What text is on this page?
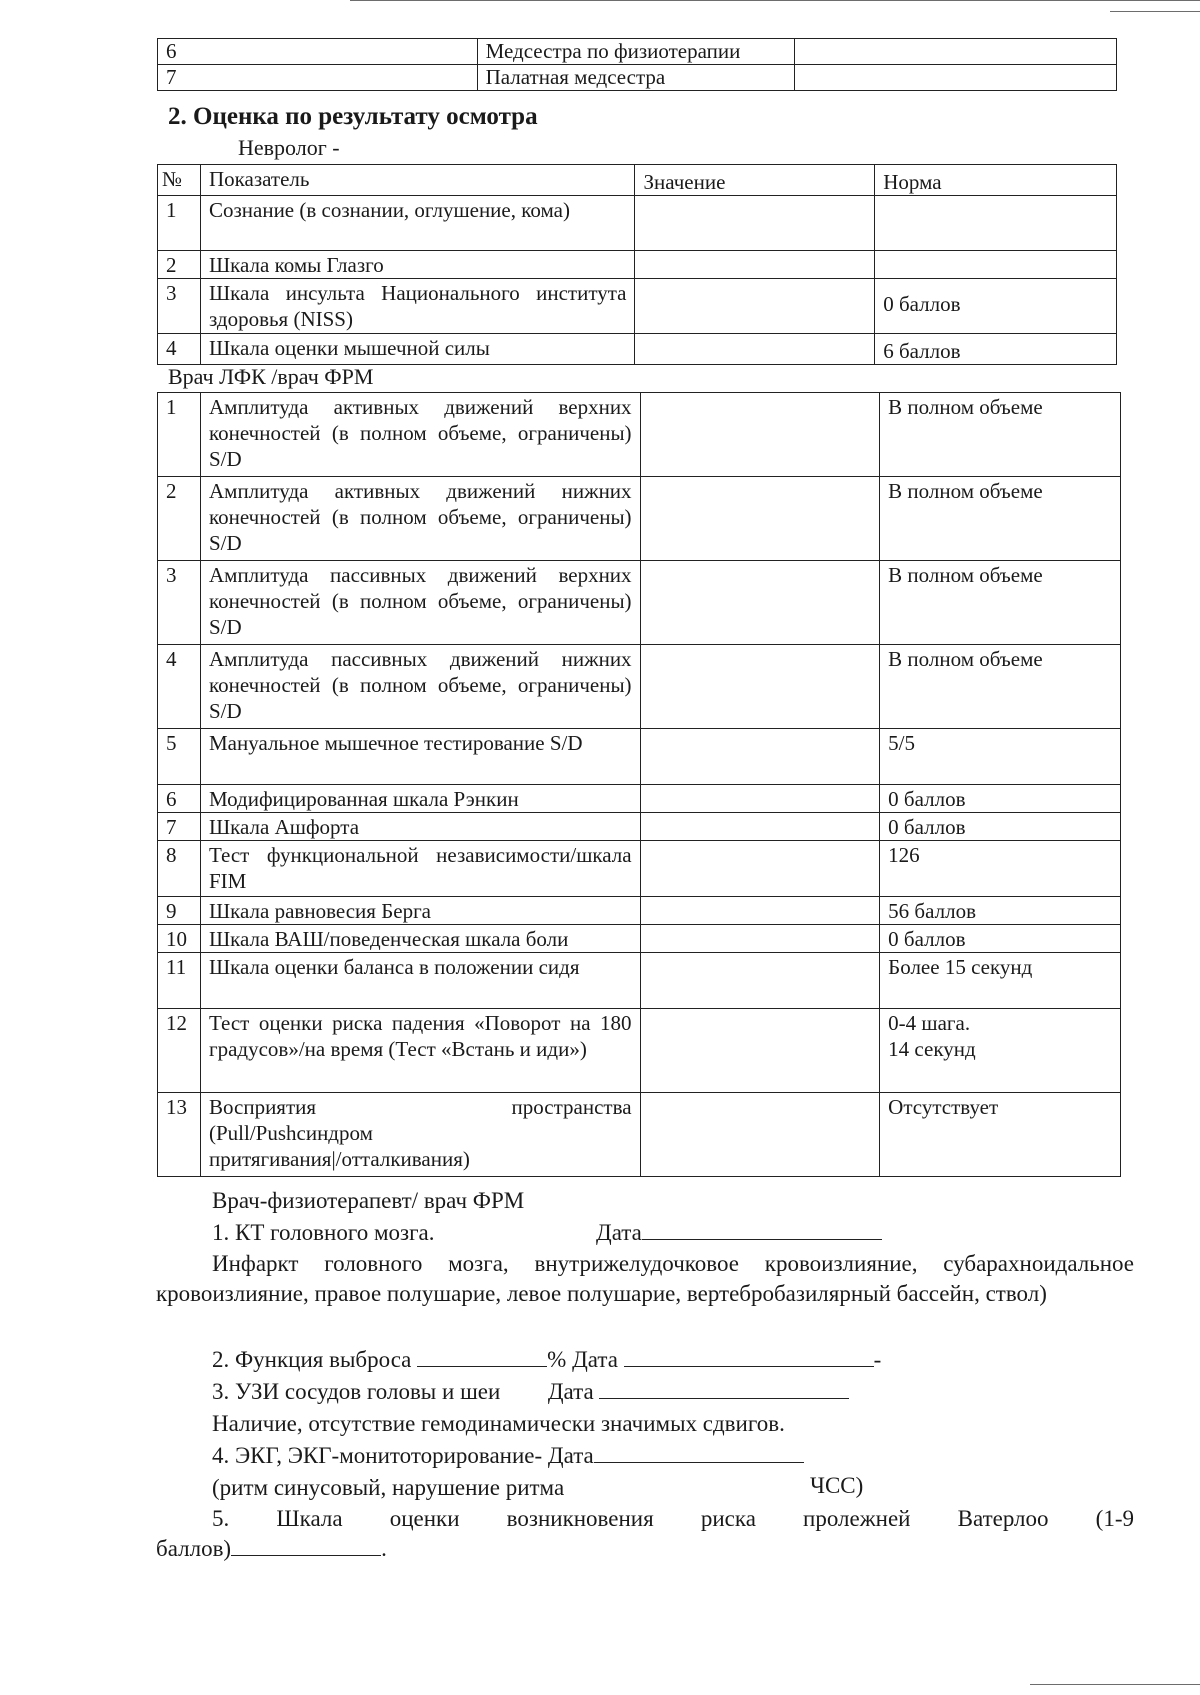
6	Медсестра по физиотерапии	
7	Палатная медсестра	
2. Оценка по результату осмотра
Невролог -
№	Показатель	Значение	Норма
1	Сознание (в сознании, оглушение, кома)		
2	Шкала комы Глазго		
3	Шкала инсульта Национального института здоровья (NISS)		0 баллов
4	Шкала оценки мышечной силы		6 баллов
Врач ЛФК /врач ФРМ
1	Амплитуда активных движений верхних конечностей (в полном объеме, ограничены) S/D		В полном объеме
2	Амплитуда активных движений нижних конечностей (в полном объеме, ограничены) S/D		В полном объеме
3	Амплитуда пассивных движений верхних конечностей (в полном объеме, ограничены) S/D		В полном объеме
4	Амплитуда пассивных движений нижних конечностей (в полном объеме, ограничены) S/D		В полном объеме
5	Мануальное мышечное тестирование S/D		5/5
6	Модифицированная шкала Рэнкин		0 баллов
7	Шкала Ашфорта		0 баллов
8	Тест функциональной независимости/шкала FIM		126
9	Шкала равновесия Берга		56 баллов
10	Шкала ВАШ/поведенческая шкала боли		0 баллов
11	Шкала оценки баланса в положении сидя		Более 15 секунд
12	Тест оценки риска падения «Поворот на 180 градусов»/на время (Тест «Встань и иди»)		0-4 шага.
14 секунд

13	Восприятия пространства
(Pull/Pushсиндром
притягивания|/отталкивания)		Отсутствует
Врач-физиотерапевт/ врач ФРМ
1. КТ головного мозга.	Дата
Инфаркт головного мозга, внутрижелудочковое кровоизлияние, субарахноидальное кровоизлияние, правое полушарие, левое полушарие, вертебробазилярный бассейн, ствол)
2. Функция выброса	% Дата	-
3. УЗИ сосудов головы и шеи Дата
Наличие, отсутствие гемодинамически значимых сдвигов.
4. ЭКГ, ЭКГ-монитоторирование- Дата
(ритм синусовый, нарушение ритма	ЧСС)
5. Шкала оценки возникновения риска пролежней Ватерлоо (1-9
баллов)	.
